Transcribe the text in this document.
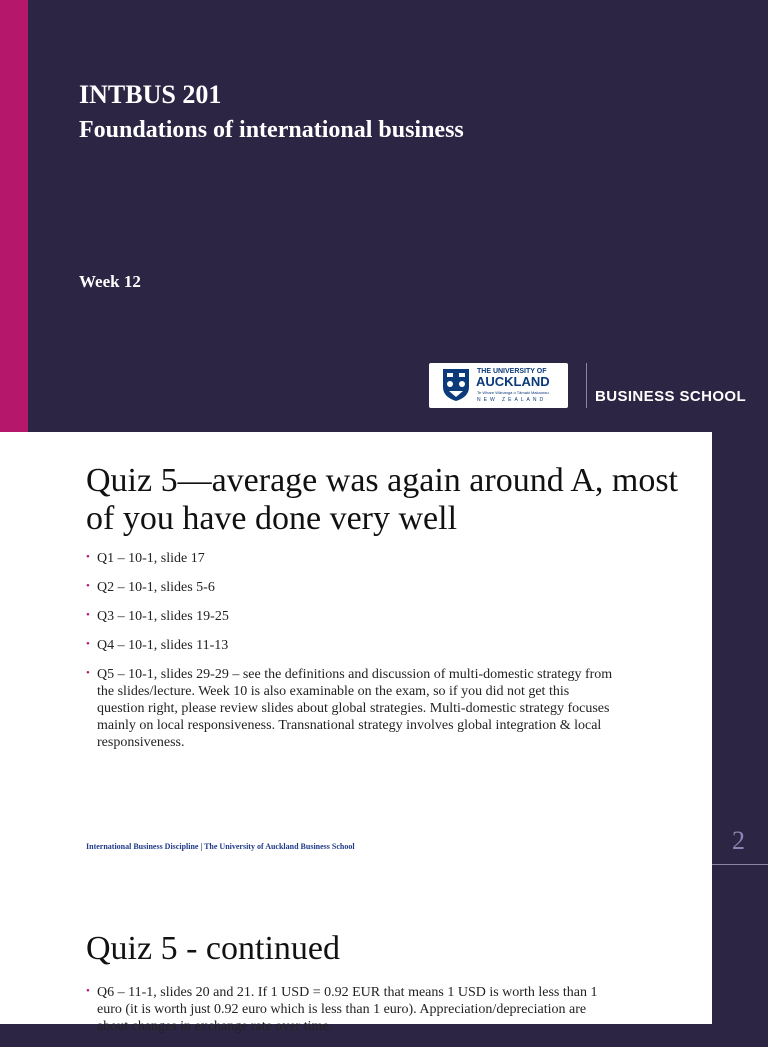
INTBUS 201
Foundations of international business
Week 12
THE UNIVERSITY OF
AUCKLAND
Te Whare Wānanga o Tāmaki Makaurau
NEW ZEALAND	BUSINESS SCHOOL
Quiz 5—average was again around A, most of you have done very well
• Q1 – 10-1, slide 17
• Q2 – 10-1, slides 5-6
• Q3 – 10-1, slides 19-25
• Q4 – 10-1, slides 11-13
• Q5 – 10-1, slides 29-29 – see the definitions and discussion of multi-domestic strategy from the slides/lecture. Week 10 is also examinable on the exam, so if you did not get this question right, please review slides about global strategies. Multi-domestic strategy focuses mainly on local responsiveness. Transnational strategy involves global integration & local responsiveness.
International Business Discipline | The University of Auckland Business School	2
Quiz 5 - continued
• Q6 – 11-1, slides 20 and 21. If 1 USD = 0.92 EUR that means 1 USD is worth less than 1 euro (it is worth just 0.92 euro which is less than 1 euro). Appreciation/depreciation are about changes in exchange rate over time.
